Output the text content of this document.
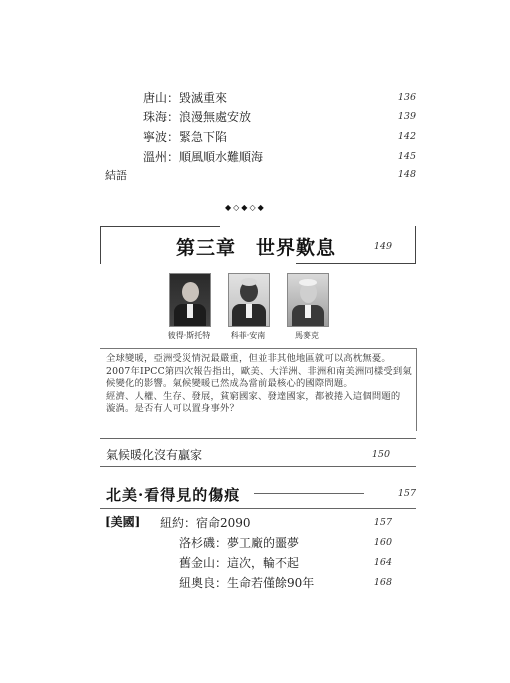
唐山：毀滅重來	136
珠海：浪漫無處安放	139
寧波：緊急下陷	142
溫州：順風順水難順海	145
結語	148
◆◇◆◇◆
第三章　世界歎息	149
彼得·斯托特	科菲·安南	馬麥克
全球變暖，亞洲受災情況最嚴重，但並非其他地區就可以高枕無憂。
2007年IPCC第四次報告指出，歐美、大洋洲、非洲和南美洲同樣受到氣
候變化的影響。氣候變暖已然成為當前最核心的國際問題。
經濟、人權、生存、發展，貧窮國家、發達國家，都被捲入這個問題的
漩渦。是否有人可以置身事外？
氣候暖化沒有贏家	150
北美·看得見的傷痕	157
[美國] 紐約：宿命2090	157
洛杉磯：夢工廠的噩夢	160
舊金山：這次，輪不起	164
紐奧良：生命若僅餘90年	168
